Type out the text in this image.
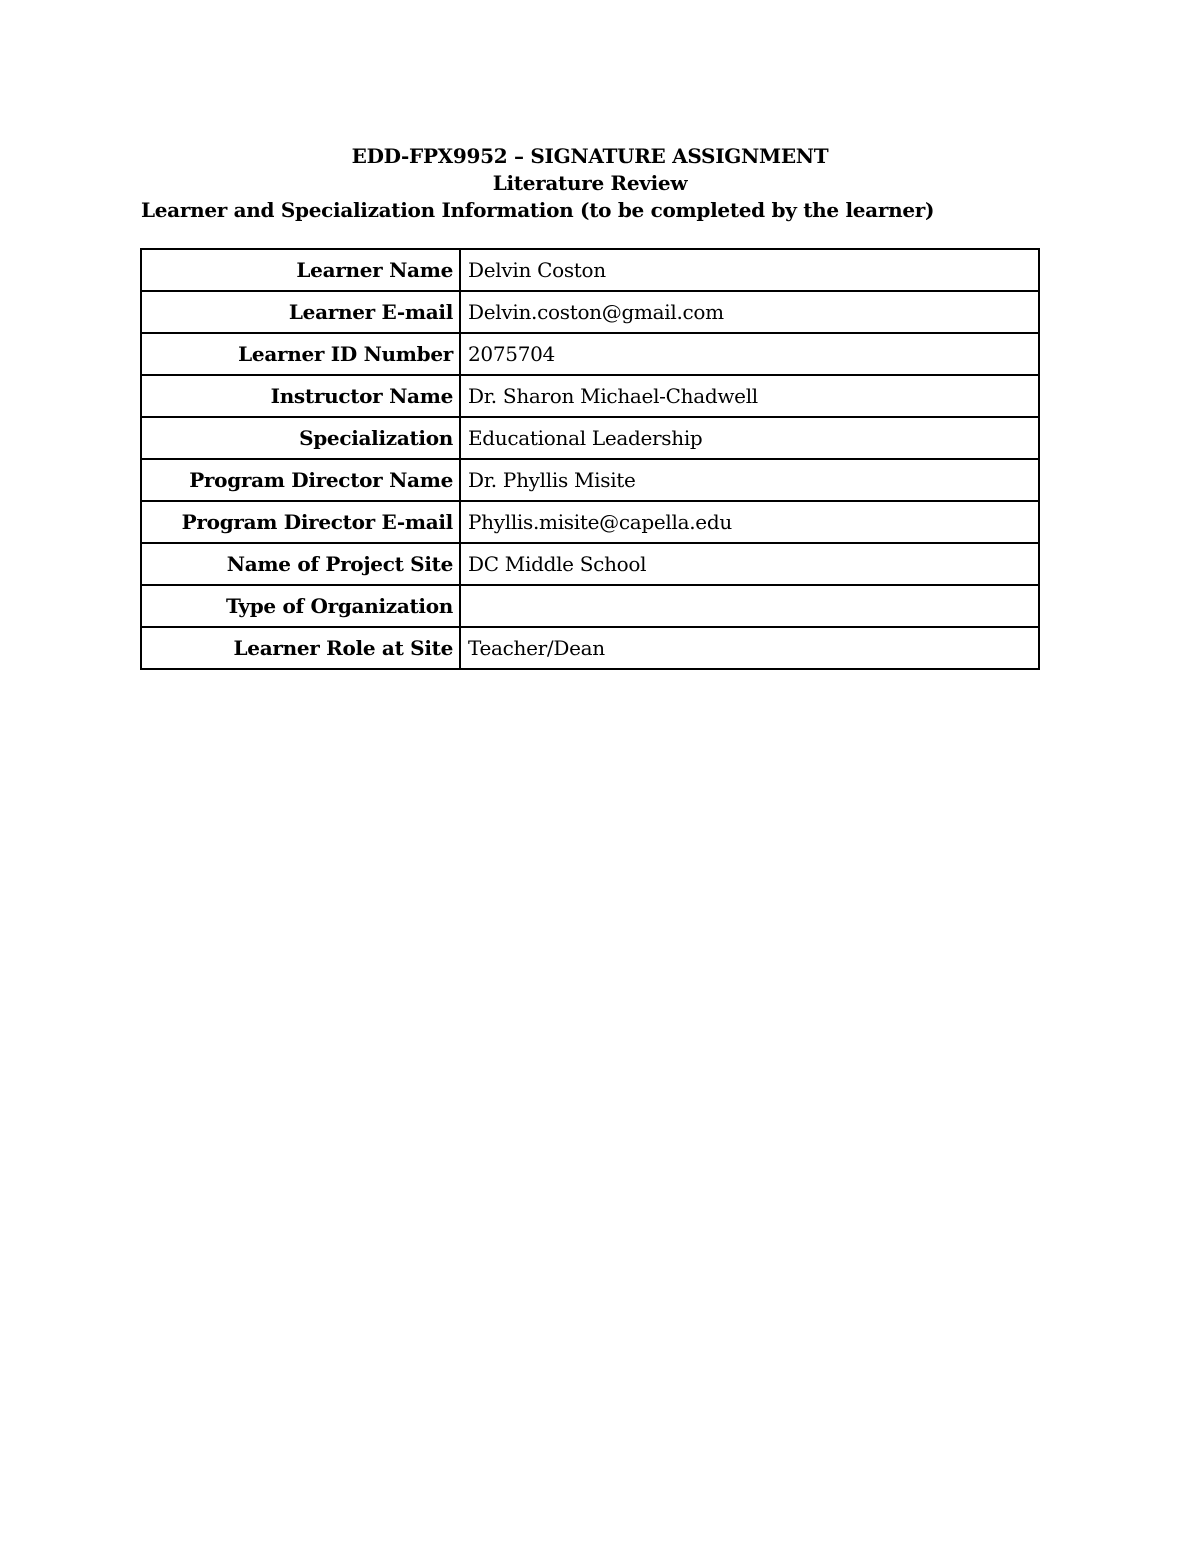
EDD-FPX9952 – SIGNATURE ASSIGNMENT

Literature Review

Learner and Specialization Information (to be completed by the learner)

Learner Name	Delvin Coston
Learner E-mail	Delvin.coston@gmail.com
Learner ID Number	2075704
Instructor Name	Dr. Sharon Michael-Chadwell
Specialization	Educational Leadership
Program Director Name	Dr. Phyllis Misite
Program Director E-mail	Phyllis.misite@capella.edu
Name of Project Site	DC Middle School
Type of Organization	
Learner Role at Site	Teacher/Dean
